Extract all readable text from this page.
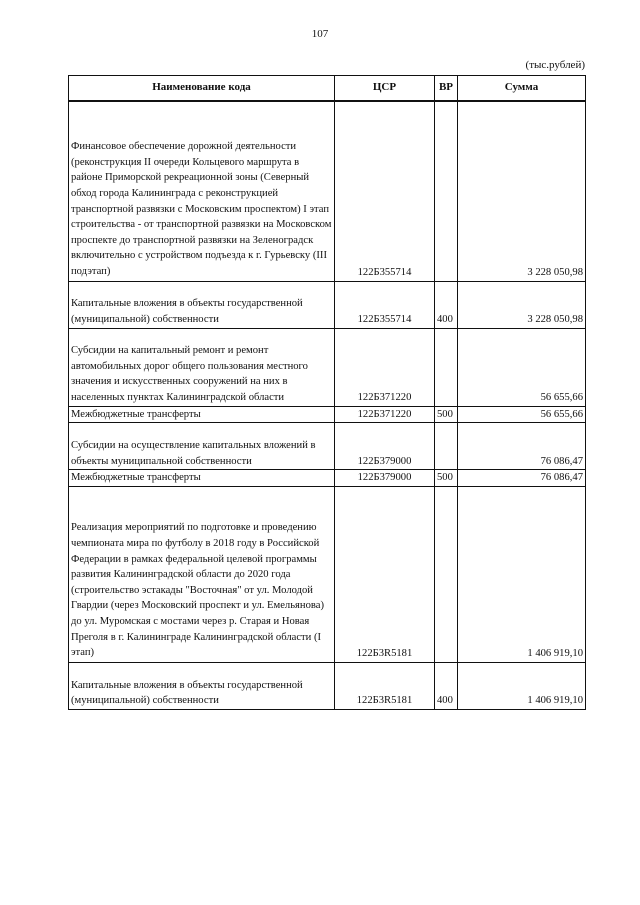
107
(тыс.рублей)
Наименование кода	ЦСР	ВР	Сумма
Финансовое обеспечение дорожной деятельности (реконструкция II очереди Кольцевого маршрута в районе Приморской рекреационной зоны (Северный обход города Калининграда с реконструкцией транспортной развязки с Московским проспектом) I этап строительства - от транспортной развязки на Московском проспекте до транспортной развязки на Зеленоградск включительно с устройством подъезда к г. Гурьевску (III подэтап)	122Б355714		3 228 050,98
Капитальные вложения в объекты государственной (муниципальной) собственности	122Б355714	400	3 228 050,98
Субсидии на капитальный ремонт и ремонт автомобильных дорог общего пользования местного значения и искусственных сооружений на них в населенных пунктах Калининградской области	122Б371220		56 655,66
Межбюджетные трансферты	122Б371220	500	56 655,66
Субсидии на осуществление капитальных вложений в объекты муниципальной собственности	122Б379000		76 086,47
Межбюджетные трансферты	122Б379000	500	76 086,47
Реализация мероприятий по подготовке и проведению чемпионата мира по футболу в 2018 году в Российской Федерации в рамках федеральной целевой программы развития Калининградской области до 2020 года (строительство эстакады "Восточная" от ул. Молодой Гвардии (через Московский проспект и ул. Емельянова) до ул. Муромская с мостами через р. Старая и Новая Преголя в г. Калининграде Калининградской области (I этап)	122Б3R5181		1 406 919,10
Капитальные вложения в объекты государственной (муниципальной) собственности	122Б3R5181	400	1 406 919,10
